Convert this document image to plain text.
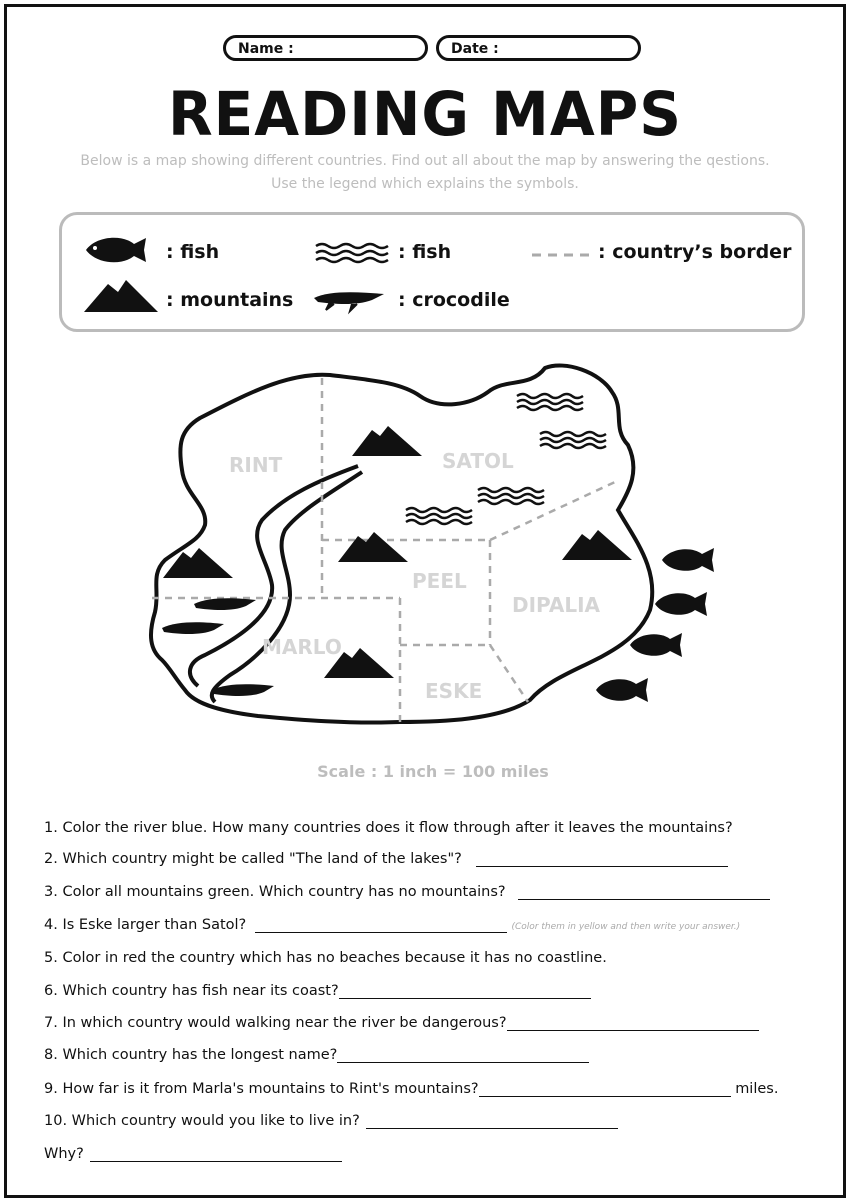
Name :	Date :
READING MAPS
Below is a map showing different countries. Find out all about the map by answering the qestions.
Use the legend which explains the symbols.
: fish	: fish	: country’s border
: mountains	: crocodile
RINT	SATOL
PEEL
DIPALIA
MARLO
ESKE
Scale : 1 inch = 100 miles
1. Color the river blue. How many countries does it flow through after it leaves the mountains?
2. Which country might be called "The land of the lakes"?
3. Color all mountains green. Which country has no mountains?
4. Is Eske larger than Satol?	(Color them in yellow and then write your answer.)
5. Color in red the country which has no beaches because it has no coastline.
6. Which country has fish near its coast?
7. In which country would walking near the river be dangerous?
8. Which country has the longest name?
9. How far is it from Marla's mountains to Rint's mountains?	miles.
10. Which country would you like to live in?
Why?
